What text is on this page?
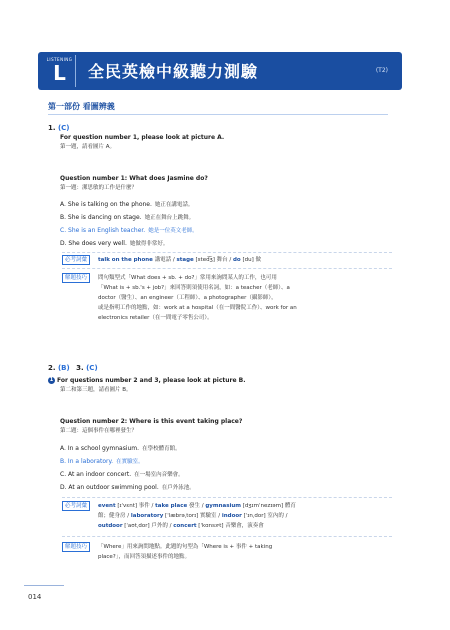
LISTENING
L	全民英檢中級聽力測驗	(T2)
第一部份 看圖辨義
1. (C)
For question number 1, please look at picture A.
第一題，請看圖片 A。
Question number 1: What does Jasmine do?
第一題：潔思敏的工作是什麼？
A. She is talking on the phone. 她正在講電話。
B. She is dancing on stage. 她正在舞台上跳舞。
C. She is an English teacher. 她是一位英文老師。
D. She does very well. 她做得非常好。
必考詞彙	talk on the phone 講電話 / stage [sted͡ʒ] 舞台 / do [du] 做
解題技巧	問句類型式「What does + sb. + do?」常用來詢問某人的工作，也可用
「What is + sb.'s + job?」來回答則須使用名詞，如：a teacher（老師）、a
doctor（醫生）、an engineer（工程師）、a photographer（攝影師），
或是指明工作的地點，如：work at a hospital（在一間醫院工作）、work for an
electronics retailer（在一間電子零售公司）。
2. (B) 3. (C)
1 For questions number 2 and 3, please look at picture B.
第二和第三題，請看圖片 B。
Question number 2: Where is this event taking place?
第二題：這個事件在哪裡發生？
A. In a school gymnasium. 在學校體育館。
B. In a laboratory. 在實驗室。
C. At an indoor concert. 在一場室內音樂會。
D. At an outdoor swimming pool. 在戶外泳池。
必考詞彙	event [ɪˈvɛnt] 事件 / take place 發生 / gymnasium [dʒɪmˈnezɪəm] 體育
館；健身房 / laboratory [ˈlæbrəˌtorɪ] 實驗室 / indoor [ˈɪnˌdor] 室內的 /
outdoor [ˈaʊtˌdor] 戶外的 / concert [ˈkɑnsɝt] 音樂會，演奏會
解題技巧	「Where」用來詢問地點。此題的句型為「Where is + 事件 + taking
place?」，而回答須描述事件的地點。
014
